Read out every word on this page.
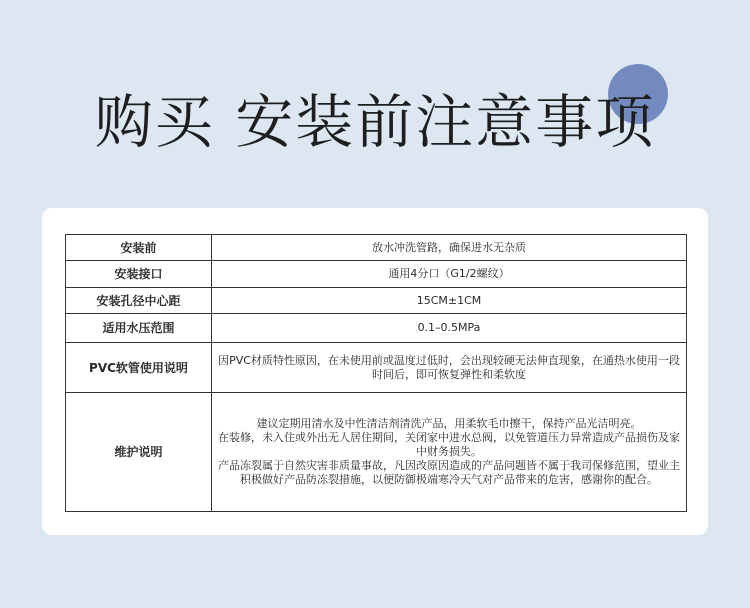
购买 安装前注意事项
安装前	放水冲洗管路，确保进水无杂质

安装接口	通用4分口（G1/2螺纹）

安装孔径中心距	15CM±1CM

适用水压范围	0.1–0.5MPa

PVC软管使用说明	因PVC材质特性原因，在未使用前或温度过低时，会出现较硬无法伸直现象，在通热水使用一段时间后，即可恢复弹性和柔软度

维护说明	建议定期用清水及中性清洁剂清洗产品，用柔软毛巾擦干，保持产品光洁明亮。
在装修，未入住或外出无人居住期间，关闭家中进水总阀，以免管道压力异常造成产品损伤及家中财务损失。
产品冻裂属于自然灾害非质量事故，凡因改原因造成的产品问题皆不属于我司保修范围，望业主积极做好产品防冻裂措施，以便防御极端寒冷天气对产品带来的危害，感谢你的配合。
